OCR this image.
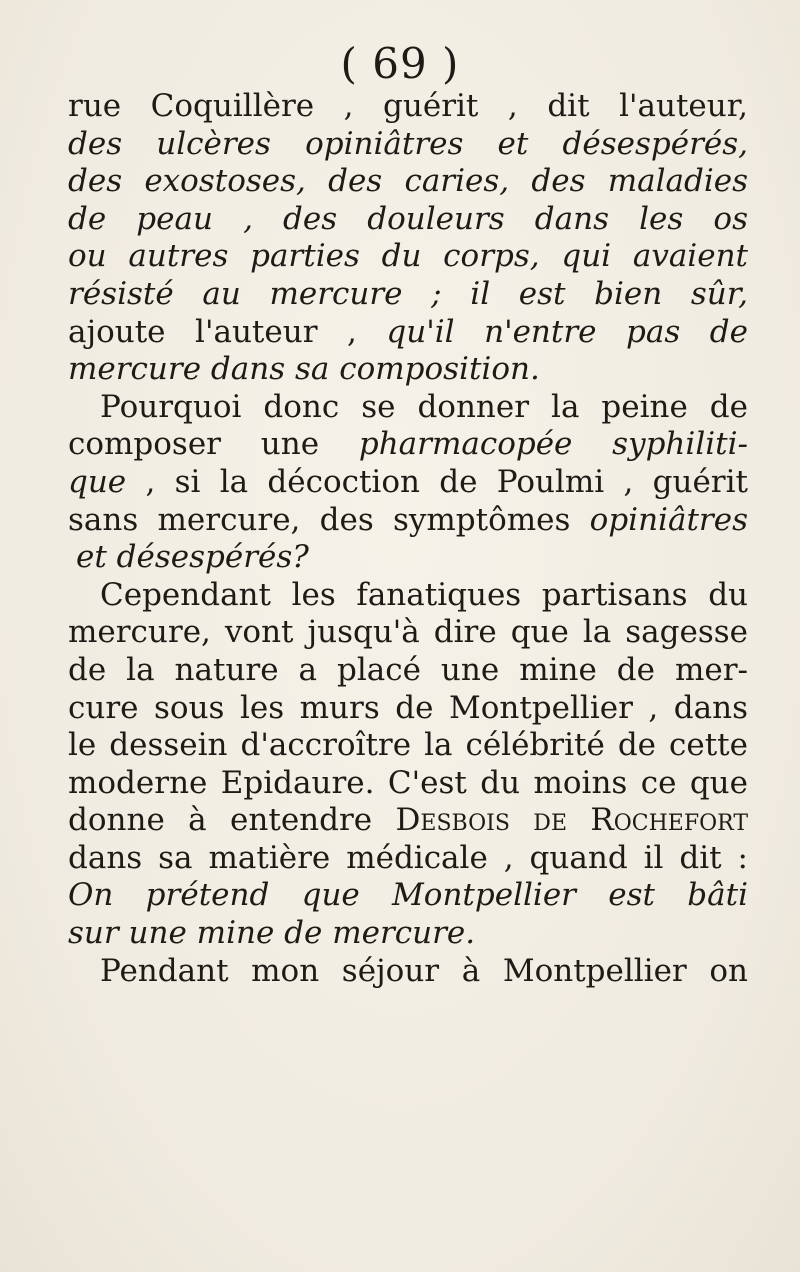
( 69 )
rue Coquillère , guérit , dit l'auteur,
des ulcères opiniâtres et désespérés,
des exostoses, des caries, des maladies
de peau , des douleurs dans les os
ou autres parties du corps, qui avaient
résisté au mercure ; il est bien sûr,
ajoute l'auteur , qu'il n'entre pas de
mercure dans sa composition.
Pourquoi donc se donner la peine de
composer une pharmacopée syphiliti-
que , si la décoction de Poulmi , guérit
sans mercure, des symptômes opiniâtres
et désespérés?
Cependant les fanatiques partisans du
mercure, vont jusqu'à dire que la sagesse
de la nature a placé une mine de mer-
cure sous les murs de Montpellier , dans
le dessein d'accroître la célébrité de cette
moderne Epidaure. C'est du moins ce que
donne à entendre Desbois de Rochefort
dans sa matière médicale , quand il dit :
On prétend que Montpellier est bâti
sur une mine de mercure.
Pendant mon séjour à Montpellier on
